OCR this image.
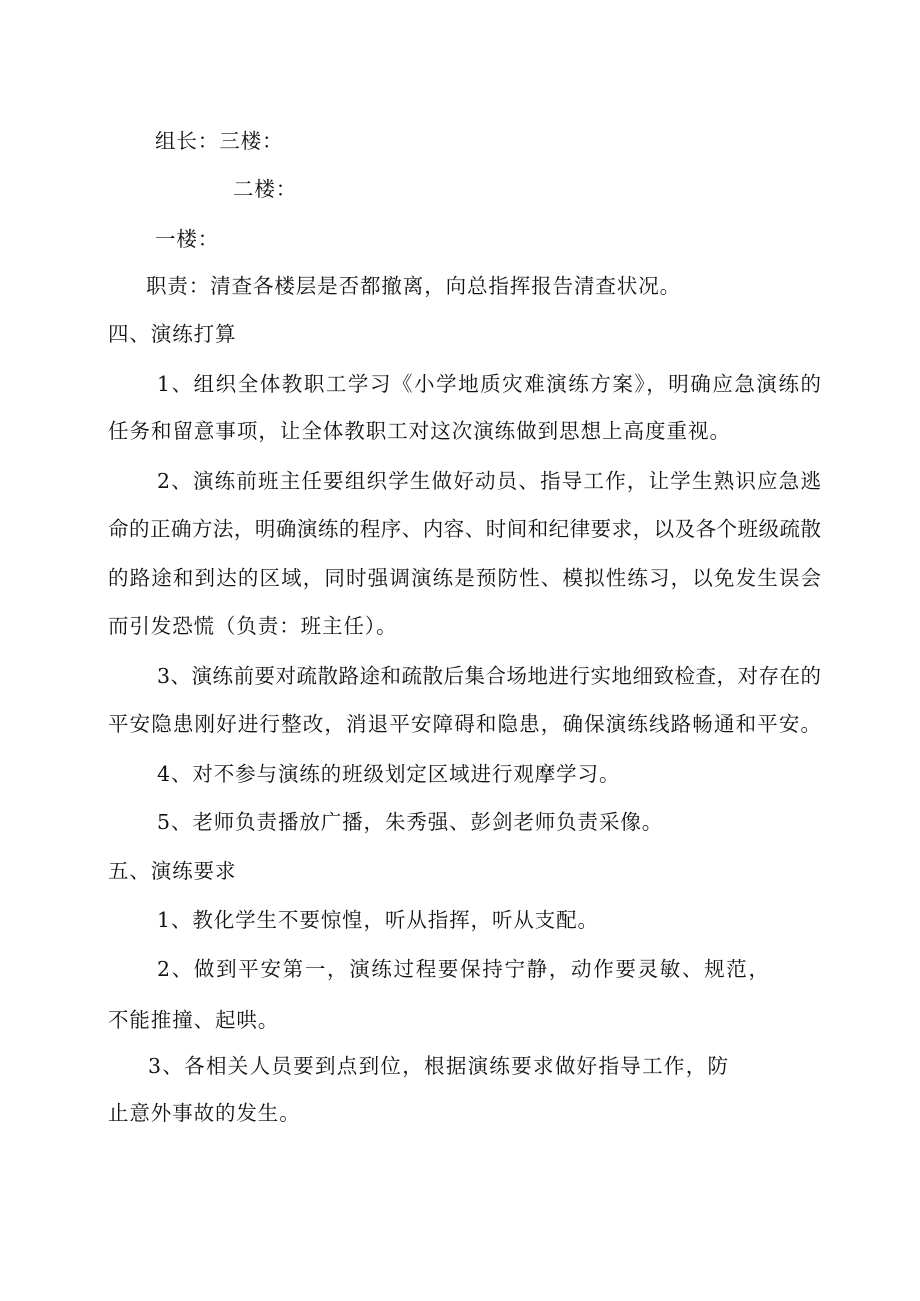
组长：三楼：
二楼：
一楼：
职责：清查各楼层是否都撤离，向总指挥报告清查状况。
四、演练打算
1、组织全体教职工学习《小学地质灾难演练方案》，明确应急演练的
任务和留意事项，让全体教职工对这次演练做到思想上高度重视。
2、演练前班主任要组织学生做好动员、指导工作，让学生熟识应急逃
命的正确方法，明确演练的程序、内容、时间和纪律要求，以及各个班级疏散
的路途和到达的区域，同时强调演练是预防性、模拟性练习，以免发生误会
而引发恐慌（负责：班主任）。
3、演练前要对疏散路途和疏散后集合场地进行实地细致检查，对存在的
平安隐患刚好进行整改，消退平安障碍和隐患，确保演练线路畅通和平安。
4、对不参与演练的班级划定区域进行观摩学习。
5、老师负责播放广播，朱秀强、彭剑老师负责采像。
五、演练要求
1、教化学生不要惊惶，听从指挥，听从支配。
2、做到平安第一，演练过程要保持宁静，动作要灵敏、规范，
不能推撞、起哄。
3、各相关人员要到点到位，根据演练要求做好指导工作，防
止意外事故的发生。
